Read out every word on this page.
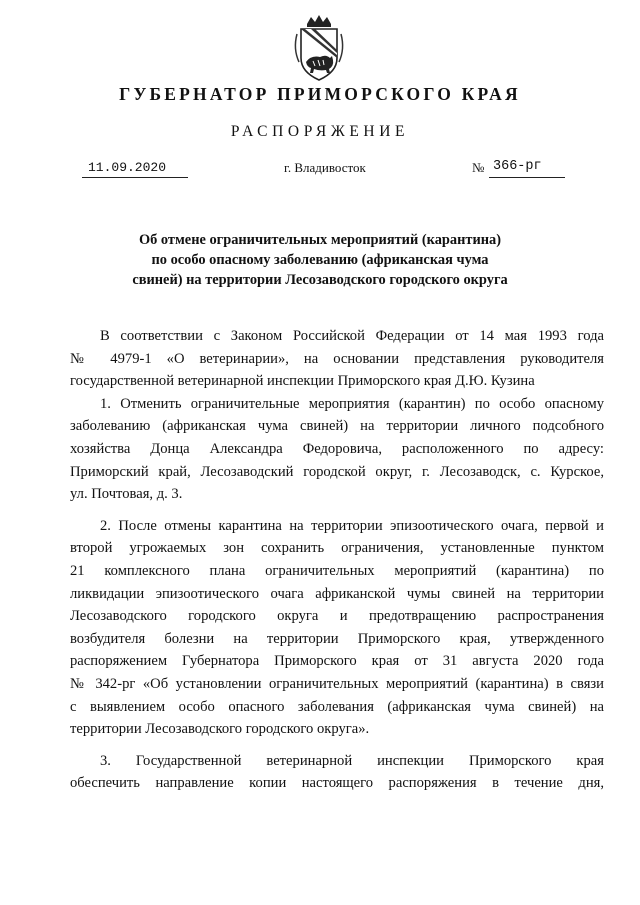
ГУБЕРНАТОР ПРИМОРСКОГО КРАЯ
РАСПОРЯЖЕНИЕ
11.09.2020	г. Владивосток	№ 366-рг
Об отмене ограничительных мероприятий (карантина)
по особо опасному заболеванию (африканская чума
свиней) на территории Лесозаводского городского округа
В соответствии с Законом Российской Федерации от 14 мая 1993 года
№ 4979-1 «О ветеринарии», на основании представления руководителя
государственной ветеринарной инспекции Приморского края Д.Ю. Кузина
1. Отменить ограничительные мероприятия (карантин) по особо опасному
заболеванию (африканская чума свиней) на территории личного подсобного
хозяйства Донца Александра Федоровича, расположенного по адресу:
Приморский край, Лесозаводский городской округ, г. Лесозаводск, с. Курское,
ул. Почтовая, д. 3.
2. После отмены карантина на территории эпизоотического очага, первой и
второй угрожаемых зон сохранить ограничения, установленные пунктом
21 комплексного плана ограничительных мероприятий (карантина) по
ликвидации эпизоотического очага африканской чумы свиней на территории
Лесозаводского городского округа и предотвращению распространения
возбудителя болезни на территории Приморского края, утвержденного
распоряжением Губернатора Приморского края от 31 августа 2020 года
№ 342-рг «Об установлении ограничительных мероприятий (карантина) в связи
с выявлением особо опасного заболевания (африканская чума свиней) на
территории Лесозаводского городского округа».
3. Государственной ветеринарной инспекции Приморского края
обеспечить направление копии настоящего распоряжения в течение дня,
